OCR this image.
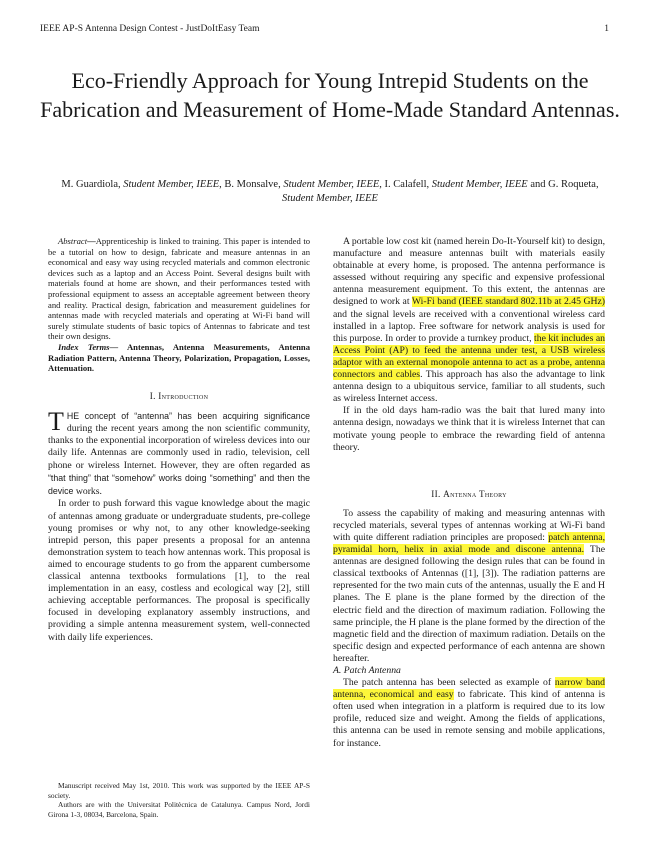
IEEE AP-S Antenna Design Contest - JustDoItEasy Team	1
Eco-Friendly Approach for Young Intrepid Students on the Fabrication and Measurement of Home-Made Standard Antennas.

M. Guardiola, Student Member, IEEE, B. Monsalve, Student Member, IEEE, I. Calafell, Student Member, IEEE and G. Roqueta, Student Member, IEEE

Abstract—Apprenticeship is linked to training. This paper is intended to be a tutorial on how to design, fabricate and measure antennas in an economical and easy way using recycled materials and common electronic devices such as a laptop and an Access Point. Several designs built with materials found at home are shown, and their performances tested with professional equipment to assess an acceptable agreement between theory and reality. Practical design, fabrication and measurement guidelines for antennas made with recycled materials and operating at Wi-Fi band will surely stimulate students of basic topics of Antennas to fabricate and test their own designs.

Index Terms— Antennas, Antenna Measurements, Antenna Radiation Pattern, Antenna Theory, Polarization, Propagation, Losses, Attenuation.

I. Introduction

THE concept of “antenna” has been acquiring significance during the recent years among the non scientific community, thanks to the exponential incorporation of wireless devices into our daily life. Antennas are commonly used in radio, television, cell phone or wireless Internet. However, they are often regarded as “that thing” that “somehow” works doing “something” and then the device works.

In order to push forward this vague knowledge about the magic of antennas among graduate or undergraduate students, pre-college young promises or why not, to any other knowledge-seeking intrepid person, this paper presents a proposal for an antenna demonstration system to teach how antennas work. This proposal is aimed to encourage students to go from the apparent cumbersome classical antenna textbooks formulations [1], to the real implementation in an easy, costless and ecological way [2], still achieving acceptable performances. The proposal is specifically focused in developing explanatory assembly instructions, and providing a simple antenna measurement system, well-connected with daily life experiences.

Manuscript received May 1st, 2010. This work was supported by the IEEE AP-S society.

Authors are with the Universitat Politècnica de Catalunya. Campus Nord, Jordi Girona 1-3, 08034, Barcelona, Spain.

A portable low cost kit (named herein Do-It-Yourself kit) to design, manufacture and measure antennas built with materials easily obtainable at every home, is proposed. The antenna performance is assessed without requiring any specific and expensive professional antenna measurement equipment. To this extent, the antennas are designed to work at Wi-Fi band (IEEE standard 802.11b at 2.45 GHz) and the signal levels are received with a conventional wireless card installed in a laptop. Free software for network analysis is used for this purpose. In order to provide a turnkey product, the kit includes an Access Point (AP) to feed the antenna under test, a USB wireless adaptor with an external monopole antenna to act as a probe, antenna connectors and cables. This approach has also the advantage to link antenna design to a ubiquitous service, familiar to all students, such as wireless Internet access.

If in the old days ham-radio was the bait that lured many into antenna design, nowadays we think that it is wireless Internet that can motivate young people to embrace the rewarding field of antenna theory.

II. Antenna Theory

To assess the capability of making and measuring antennas with recycled materials, several types of antennas working at Wi-Fi band with quite different radiation principles are proposed: patch antenna, pyramidal horn, helix in axial mode and discone antenna. The antennas are designed following the design rules that can be found in classical textbooks of Antennas ([1], [3]). The radiation patterns are represented for the two main cuts of the antennas, usually the E and H planes. The E plane is the plane formed by the direction of the electric field and the direction of maximum radiation. Following the same principle, the H plane is the plane formed by the direction of the magnetic field and the direction of maximum radiation. Details on the specific design and expected performance of each antenna are shown hereafter.

A. Patch Antenna

The patch antenna has been selected as example of narrow band antenna, economical and easy to fabricate. This kind of antenna is often used when integration in a platform is required due to its low profile, reduced size and weight. Among the fields of applications, this antenna can be used in remote sensing and mobile applications, for instance.
